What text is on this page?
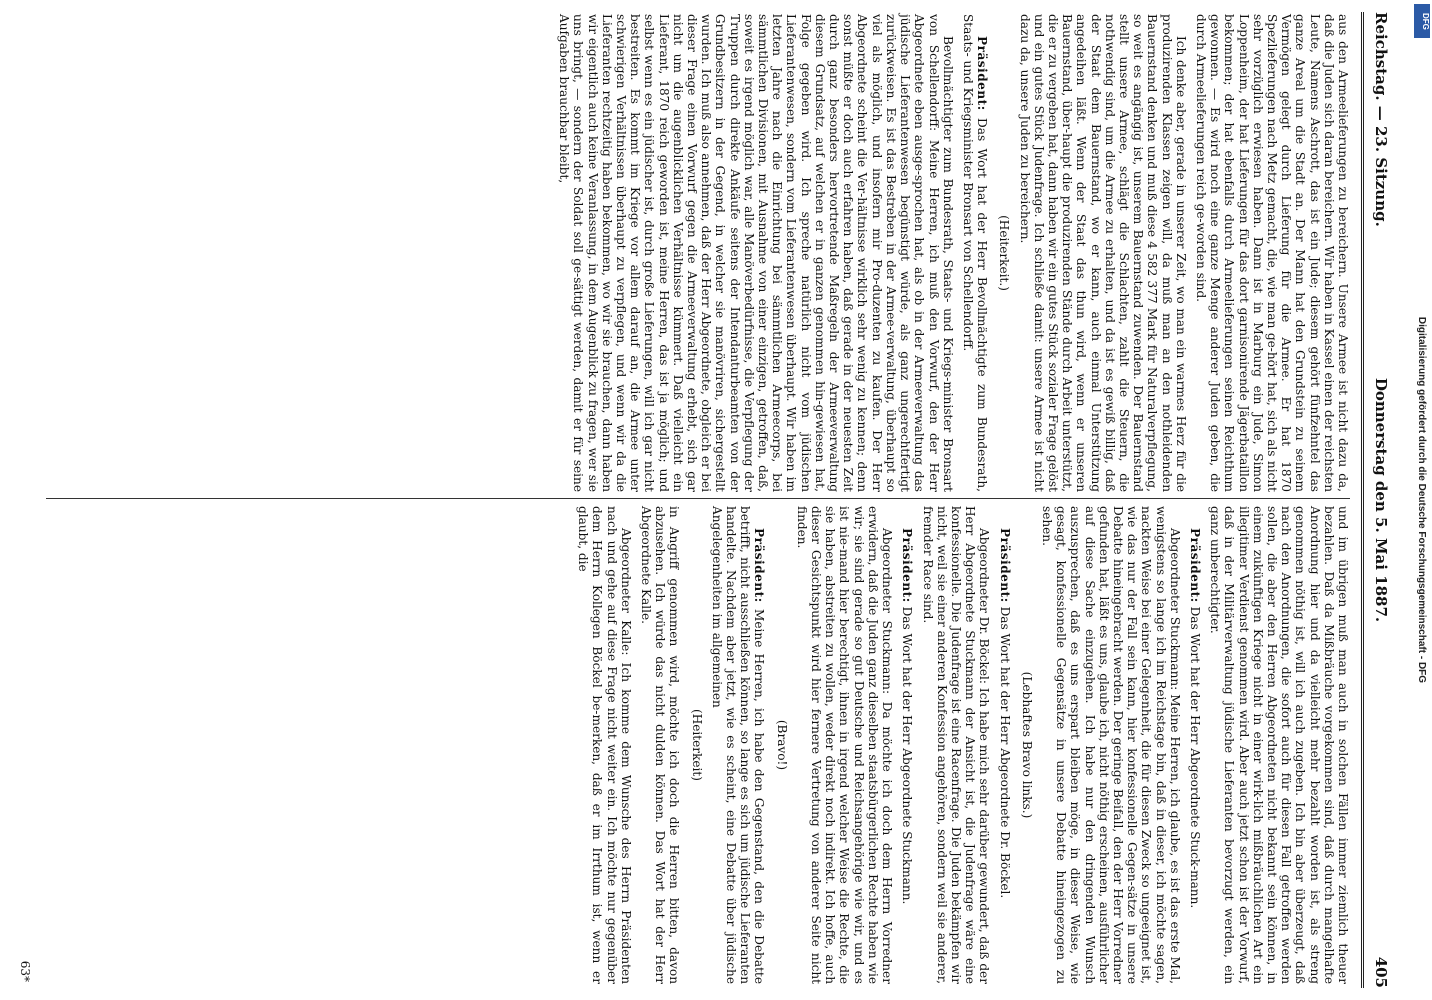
Reichstag. — 23. Sitzung.
Donnerstag den 5. Mai 1887.
405

aus den Armeelieferungen zu bereichern. Unsere Armee ist nicht dazu da, daß die Juden sich daran bereichern. Wir haben in Kassel einen der reichsten Leute, Namens Aschrott, das ist ein Jude; diesem gehört fünfzehntel das ganze Areal um die Stadt an. Der Mann hat den Grundstein zu seinem Vermögen gelegt durch Lieferung für die Armee. Er hat 1870 Spezlieferungen nach Metz gemacht, die, wie man ge-hört hat, sich als nicht sehr vorzüglich erwiesen haben. Dann ist in Marburg ein Jude, Simon Loppenheim, der hat Lieferungen für das dort garnisonirende Jägerbataillon bekommen; der hat ebenfalls durch Armeelieferungen seinen Reichthum gewonnen. — Es wird noch eine ganze Menge anderer Juden geben, die durch Armeelieferungen reich ge-worden sind.

Ich denke aber, gerade in unserer Zeit, wo man ein warmes Herz für die produzirenden Klassen zeigen will, da muß man an den nothleidenden Bauernstand denken und muß diese 4 582 377 Mark für Naturalverpflegung, so weit es angängig ist, unserem Bauernstand zuwenden. Der Bauernstand stellt unsere Armee, schlägt die Schlachten, zahlt die Steuern, die nothwendig sind, um die Armee zu erhalten, und da ist es gewiß billig, daß der Staat dem Bauernstand, wo er kann, auch einmal Unterstützung angedeihen läßt. Wenn der Staat das thun wird, wenn er unseren Bauernstand, über-haupt die produzirenden Stände durch Arbeit unterstützt, die er zu vergeben hat, dann haben wir ein gutes Stück sozialer Frage gelöst und ein gutes Stück Judenfrage. Ich schließe damit: unsere Armee ist nicht dazu da, unsere Juden zu bereichern.

(Heiterkeit.)

Präsident: Das Wort hat der Herr Bevollmächtigte zum Bundesrath, Staats- und Kriegsminister Bronsart von Schellendorff.

Bevollmächtigter zum Bundesrath, Staats- und Kriegs-minister Bronsart von Schellendorff: Meine Herren, ich muß den Vorwurf, den der Herr Abgeordnete eben ausge-sprochen hat, als ob in der Armeeverwaltung das jüdische Lieferantenwesen begünstigt würde, als ganz ungerechtfertigt zurückweisen. Es ist das Bestreben in der Armee-verwaltung, überhaupt so viel als möglich, und insofern mir Pro-duzenten zu kaufen. Der Herr Abgeordnete scheint die Ver-hältnisse wirklich sehr wenig zu kennen; denn sonst müßte er doch auch erfahren haben, daß gerade in der neuesten Zeit durch ganz besonders hervortretende Maßregeln der Armeeverwaltung diesem Grundsatz, auf welchen er in ganzen genommen hin-gewiesen hat, Folge gegeben wird. Ich spreche natürlich nicht vom jüdischen Lieferantenwesen, sondern vom Lieferantenwesen überhaupt. Wir haben im letzten Jahre nach die Einrichtung bei sämmtlichen Armeecorps, bei sämmtlichen Divisionen, mit Ausnahme von einer einzigen, getroffen, daß, soweit es irgend möglich war, alle Manöverbedürfnisse, die Verpflegung der Truppen durch direkte Ankäufe seitens der Intendanturbeamten von der Grundbesitzern in der Gegend, in welcher sie manövriren, sichergestellt wurden. Ich muß also annehmen, daß der Herr Abgeordnete, obgleich er bei dieser Frage einen Vorwurf gegen die Armeeverwaltung erhebt, sich gar nicht um die augenblicklichen Verhältnisse kümmert. Daß vielleicht ein Lieferant, 1870 reich geworden ist, meine Herren, das ist ja möglich; und selbst wenn es ein jüdischer ist, durch große Lieferungen, will ich gar nicht bestreiten. Es kommt im Kriege vor allem darauf an, die Armee unter schwierigen Verhältnissen überhaupt zu verpflegen, und wenn wir da die Lieferanten rechtzeitig haben bekommen, wo wir sie brauchen, dann haben wir eigentlich auch keine Veranlassung, in dem Augenblick zu fragen, wer sie uns bringt, — sondern der Soldat soll ge-sättigt werden, damit er für seine Aufgaben brauchbar bleibt,

und im übrigen muß man auch in solchen Fällen immer ziemlich theuer bezahlen. Daß da Mißbräuche vorgekommen sind, daß durch mangelhafte Anordnung hier und da vielleicht mehr bezahlt worden ist, als streng genommen nöthig ist, will ich auch zugeben. Ich bin aber überzeugt, daß nach den Anordnungen, die sofort auch für diesen Fall getroffen werden sollen, die aber den Herren Abgeordneten nicht bekannt sein können, in einem zukünftigen Kriege nicht in einer wirk-lich mißbräuchlichen Art ein illegitimer Verdienst genommen wird. Aber auch jetzt schon ist der Vorwurf, daß in der Militärverwaltung jüdische Lieferanten bevorzugt werden, ein ganz unberechtigter.

Präsident: Das Wort hat der Herr Abgeordnete Stuck-mann.

Abgeordneter Stuckmann: Meine Herren, ich glaube, es ist das erste Mal, wenigstens so lange ich im Reichstage bin, daß in dieser, ich möchte sagen, nackten Weise bei einer Gelegenheit, die für diesen Zweck so ungeeignet ist, wie das nur der Fall sein kann, hier konfessionelle Gegen-sätze in unsere Debatte hineingebracht werden. Der geringe Beifall, den der Herr Vorredner gefunden hat, läßt es uns, glaube ich, nicht nöthig erscheinen, ausführlicher auf diese Sache einzugehen. Ich habe nur den dringenden Wunsch auszusprechen, daß es uns erspart bleiben möge, in dieser Weise, wie gesagt, konfessionelle Gegensätze in unsere Debatte hineingezogen zu sehen.

(Lebhaftes Bravo links.)

Präsident: Das Wort hat der Herr Abgeordnete Dr. Böckel.

Abgeordneter Dr. Böckel: Ich habe mich sehr darüber gewundert, daß der Herr Abgeordnete Stuckmann der Ansicht ist, die Judenfrage wäre eine konfessionelle. Die Judenfrage ist eine Racenfrage. Die Juden bekämpfen wir nicht, weil sie einer anderen Konfession angehören, sondern weil sie anderer, fremder Race sind.

Präsident: Das Wort hat der Herr Abgeordnete Stuckmann.

Abgeordneter Stuckmann: Da möchte ich doch dem Herrn Vorredner erwidern, daß die Juden ganz dieselben staatsbürgerlichen Rechte haben wie wir; sie sind gerade so gut Deutsche und Reichsangehörige wie wir, und es ist nie-mand hier berechtigt, ihnen in irgend welcher Weise die Rechte, die sie haben, abstreiten zu wollen, weder direkt noch indirekt. Ich hoffe, auch dieser Gesichtspunkt wird hier fernere Vertretung von anderer Seite nicht finden.

(Bravo!)

Präsident: Meine Herren, ich habe den Gegenstand, den die Debatte betrifft, nicht ausschließen können, so lange es sich um jüdische Lieferanten handelte. Nachdem aber jetzt, wie es scheint, eine Debatte über jüdische Angelegenheiten im allgemeinen

(Heiterkeit)

in Angriff genommen wird, möchte ich doch die Herren bitten, davon abzusehen. Ich würde das nicht dulden können. Das Wort hat der Herr Abgeordnete Kalle.

Abgeordneter Kalle: Ich komme dem Wunsche des Herrn Präsidenten nach und gehe auf diese Frage nicht weiter ein. Ich möchte nur gegenüber dem Herrn Kollegen Böckel be-merken, daß er im Irrthum ist, wenn er glaubt, die

63*
Digitalisierung gefördert durch die Deutsche Forschungsgemeinschaft - DFG
DFG
